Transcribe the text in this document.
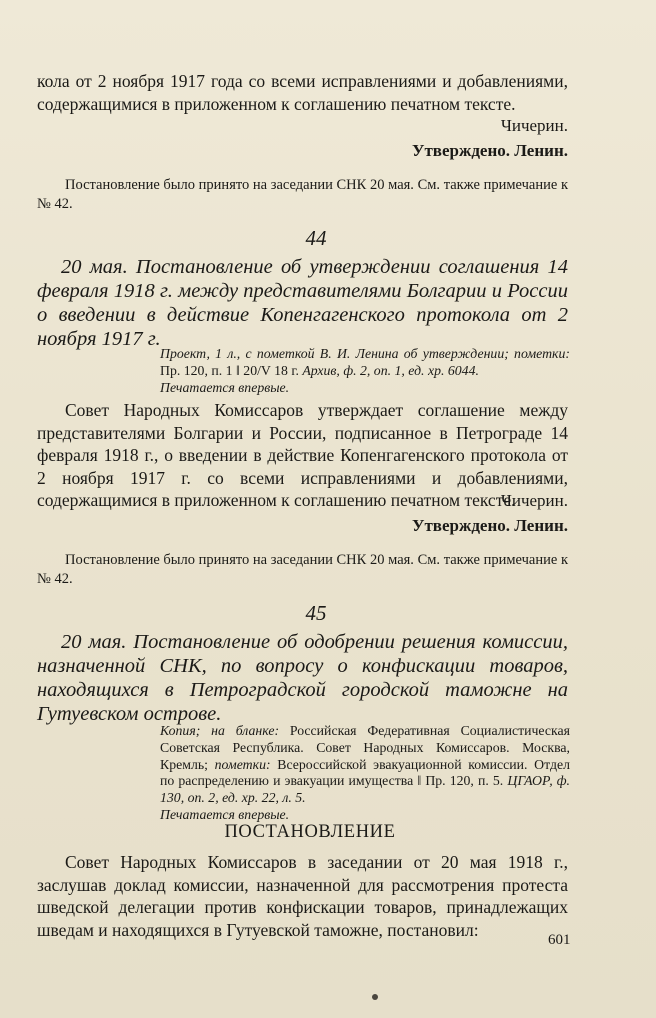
кола от 2 ноября 1917 года со всеми исправлениями и добавлениями, содержащимися в приложенном к соглашению печатном тексте.
Чичерин.
Утверждено. Ленин.
Постановление было принято на заседании СНК 20 мая. См. также примечание к № 42.
44
20 мая. Постановление об утверждении соглашения 14 февраля 1918 г. между представителями Болгарии и России о введении в действие Копенгагенского протокола от 2 ноября 1917 г.
Проект, 1 л., с пометкой В. И. Ленина об утверждении; пометки: Пр. 120, п. 1 ‖ 20/V 18 г. Архив, ф. 2, оп. 1, ед. хр. 6044.
Печатается впервые.
Совет Народных Комиссаров утверждает соглашение между представителями Болгарии и России, подписанное в Петрограде 14 февраля 1918 г., о введении в действие Копенгагенского протокола от 2 ноября 1917 г. со всеми исправлениями и добавлениями, содержащимися в приложенном к соглашению печатном тексте.
Чичерин.
Утверждено. Ленин.
Постановление было принято на заседании СНК 20 мая. См. также примечание к № 42.
45
20 мая. Постановление об одобрении решения комиссии, назначенной СНК, по вопросу о конфискации товаров, находящихся в Петроградской городской таможне на Гутуевском острове.
Копия; на бланке: Российская Федеративная Социалистическая Советская Республика. Совет Народных Комиссаров. Москва, Кремль; пометки: Всероссийской эвакуационной комиссии. Отдел по распределению и эвакуации имущества ‖ Пр. 120, п. 5. ЦГАОР, ф. 130, оп. 2, ед. хр. 22, л. 5.
Печатается впервые.
ПОСТАНОВЛЕНИЕ
Совет Народных Комиссаров в заседании от 20 мая 1918 г., заслушав доклад комиссии, назначенной для рассмотрения протеста шведской делегации против конфискации товаров, принадлежащих шведам и находящихся в Гутуевской таможне, постановил:
601
